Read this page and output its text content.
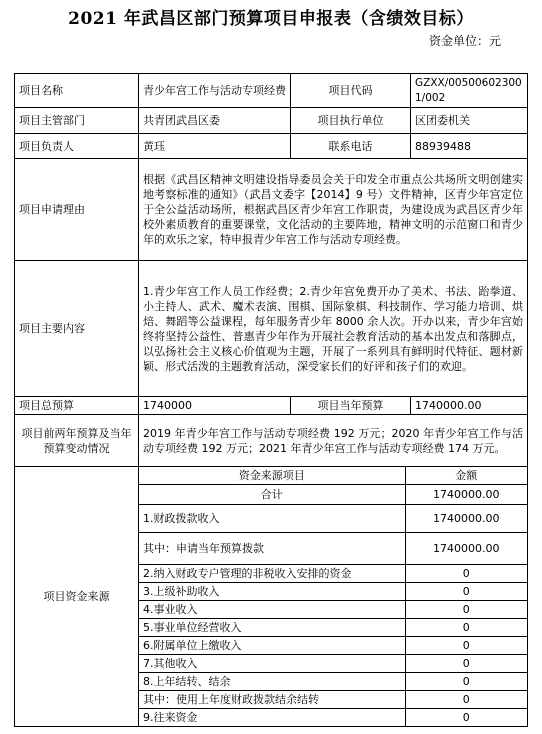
2021 年武昌区部门预算项目申报表（含绩效目标）
资金单位：元
项目名称	青少年宫工作与活动专项经费	项目代码	GZXX/005006023001/002
项目主管部门	共青团武昌区委	项目执行单位	区团委机关
项目负责人	黄珏	联系电话	88939488
项目申请理由	根据《武昌区精神文明建设指导委员会关于印发全市重点公共场所文明创建实地考察标准的通知》（武昌文委字【2014】9 号）文件精神，区青少年宫定位于全公益活动场所，根据武昌区青少年宫工作职责，为建设成为武昌区青少年校外素质教育的重要课堂，文化活动的主要阵地，精神文明的示范窗口和青少年的欢乐之家，特申报青少年宫工作与活动专项经费。
项目主要内容	1.青少年宫工作人员工作经费；2.青少年宫免费开办了美术、书法、跆拳道、小主持人、武术、魔术表演、围棋、国际象棋、科技制作、学习能力培训、烘焙、舞蹈等公益课程，每年服务青少年 8000 余人次。开办以来，青少年宫始终将坚持公益性、普惠青少年作为开展社会教育活动的基本出发点和落脚点，以弘扬社会主义核心价值观为主题，开展了一系列具有鲜明时代特征、题材新颖、形式活泼的主题教育活动，深受家长们的好评和孩子们的欢迎。
项目总预算	1740000	项目当年预算	1740000.00
项目前两年预算及当年预算变动情况	2019 年青少年宫工作与活动专项经费 192 万元；2020 年青少年宫工作与活动专项经费 192 万元；2021 年青少年宫工作与活动专项经费 174 万元。
项目资金来源	
资金来源项目	金额
合计	1740000.00
1.财政拨款收入	1740000.00
其中：申请当年预算拨款	1740000.00
2.纳入财政专户管理的非税收入安排的资金	0
3.上级补助收入	0
4.事业收入	0
5.事业单位经营收入	0
6.附属单位上缴收入	0
7.其他收入	0
8.上年结转、结余	0
其中：使用上年度财政拨款结余结转	0
9.往来资金	0
